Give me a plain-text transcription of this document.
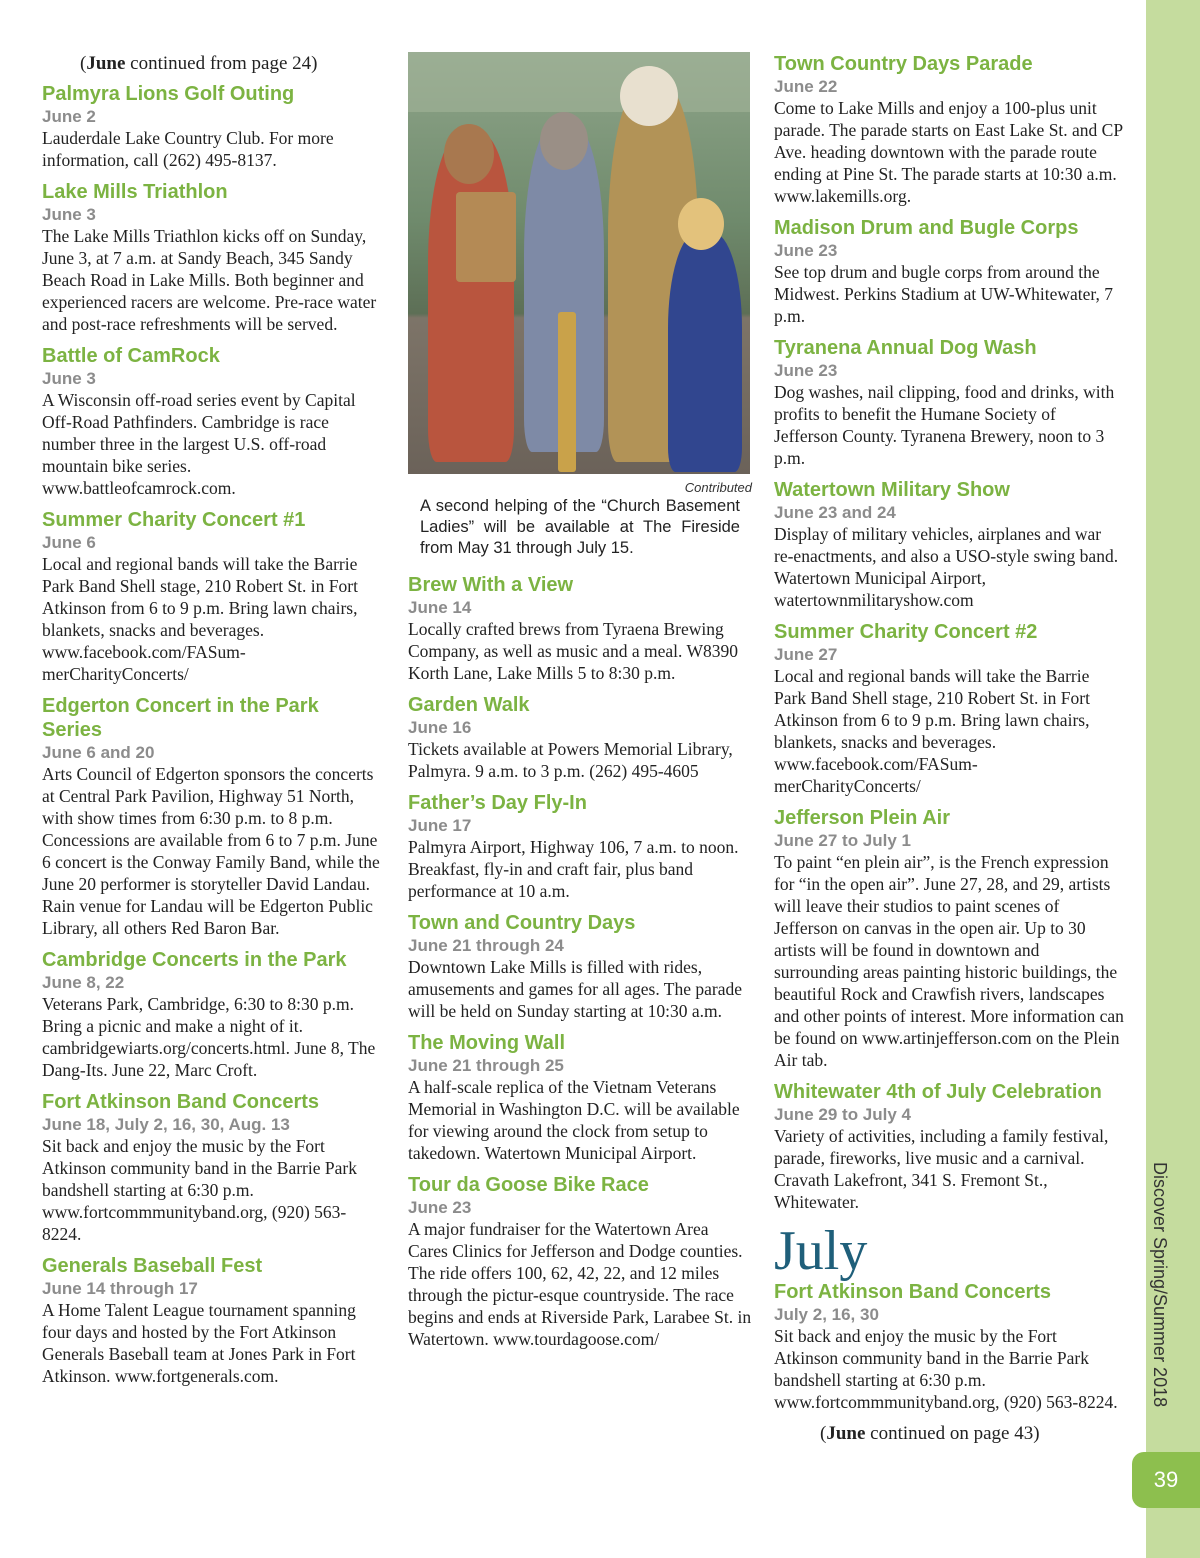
Discover Spring/Summer 2018
39
(June continued from page 24)
Palmyra Lions Golf Outing
June 2
Lauderdale Lake Country Club. For more information, call (262) 495-8137.
Lake Mills Triathlon
June 3
The Lake Mills Triathlon kicks off on Sunday, June 3, at 7 a.m. at Sandy Beach, 345 Sandy Beach Road in Lake Mills. Both beginner and experienced racers are welcome. Pre-race water and post-race refreshments will be served.
Battle of CamRock
June 3
A Wisconsin off-road series event by Capital Off-Road Pathfinders. Cambridge is race number three in the largest U.S. off-road mountain bike series. www.battleofcamrock.com.
Summer Charity Concert #1
June 6
Local and regional bands will take the Barrie Park Band Shell stage, 210 Robert St. in Fort Atkinson from 6 to 9 p.m. Bring lawn chairs, blankets, snacks and beverages. www.facebook.com/FASum-merCharityConcerts/
Edgerton Concert in the Park Series
June 6 and 20
Arts Council of Edgerton sponsors the concerts at Central Park Pavilion, Highway 51 North, with show times from 6:30 p.m. to 8 p.m. Concessions are available from 6 to 7 p.m. June 6 concert is the Conway Family Band, while the June 20 performer is storyteller David Landau. Rain venue for Landau will be Edgerton Public Library, all others Red Baron Bar.
Cambridge Concerts in the Park
June 8, 22
Veterans Park, Cambridge, 6:30 to 8:30 p.m. Bring a picnic and make a night of it. cambridgewiarts.org/concerts.html. June 8, The Dang-Its. June 22, Marc Croft.
Fort Atkinson Band Concerts
June 18, July 2, 16, 30, Aug. 13
Sit back and enjoy the music by the Fort Atkinson community band in the Barrie Park bandshell starting at 6:30 p.m. www.fortcommmunityband.org, (920) 563-8224.
Generals Baseball Fest
June 14 through 17
A Home Talent League tournament spanning four days and hosted by the Fort Atkinson Generals Baseball team at Jones Park in Fort Atkinson. www.fortgenerals.com.
Contributed
A second helping of the “Church Basement Ladies” will be available at The Fireside from May 31 through July 15.
Brew With a View
June 14
Locally crafted brews from Tyraena Brewing Company, as well as music and a meal. W8390 Korth Lane, Lake Mills 5 to 8:30 p.m.
Garden Walk
June 16
Tickets available at Powers Memorial Library, Palmyra. 9 a.m. to 3 p.m. (262) 495-4605
Father’s Day Fly-In
June 17
Palmyra Airport, Highway 106, 7 a.m. to noon. Breakfast, fly-in and craft fair, plus band performance at 10 a.m.
Town and Country Days
June 21 through 24
Downtown Lake Mills is filled with rides, amusements and games for all ages. The parade will be held on Sunday starting at 10:30 a.m.
The Moving Wall
June 21 through 25
A half-scale replica of the Vietnam Veterans Memorial in Washington D.C. will be available for viewing around the clock from setup to takedown. Watertown Municipal Airport.
Tour da Goose Bike Race
June 23
A major fundraiser for the Watertown Area Cares Clinics for Jefferson and Dodge counties. The ride offers 100, 62, 42, 22, and 12 miles through the pictur-esque countryside. The race begins and ends at Riverside Park, Larabee St. in Watertown. www.tourdagoose.com/
Town Country Days Parade
June 22
Come to Lake Mills and enjoy a 100-plus unit parade. The parade starts on East Lake St. and CP Ave. heading downtown with the parade route ending at Pine St. The parade starts at 10:30 a.m. www.lakemills.org.
Madison Drum and Bugle Corps
June 23
See top drum and bugle corps from around the Midwest. Perkins Stadium at UW-Whitewater, 7 p.m.
Tyranena Annual Dog Wash
June 23
Dog washes, nail clipping, food and drinks, with profits to benefit the Humane Society of Jefferson County. Tyranena Brewery, noon to 3 p.m.
Watertown Military Show
June 23 and 24
Display of military vehicles, airplanes and war re-enactments, and also a USO-style swing band. Watertown Municipal Airport, watertownmilitaryshow.com
Summer Charity Concert #2
June 27
Local and regional bands will take the Barrie Park Band Shell stage, 210 Robert St. in Fort Atkinson from 6 to 9 p.m. Bring lawn chairs, blankets, snacks and beverages. www.facebook.com/FASum-merCharityConcerts/
Jefferson Plein Air
June 27 to July 1
To paint “en plein air”, is the French expression for “in the open air”. June 27, 28, and 29, artists will leave their studios to paint scenes of Jefferson on canvas in the open air. Up to 30 artists will be found in downtown and surrounding areas painting historic buildings, the beautiful Rock and Crawfish rivers, landscapes and other points of interest. More information can be found on www.artinjefferson.com on the Plein Air tab.
Whitewater 4th of July Celebration
June 29 to July 4
Variety of activities, including a family festival, parade, fireworks, live music and a carnival. Cravath Lakefront, 341 S. Fremont St., Whitewater.
July
Fort Atkinson Band Concerts
July 2, 16, 30
Sit back and enjoy the music by the Fort Atkinson community band in the Barrie Park bandshell starting at 6:30 p.m. www.fortcommmunityband.org, (920) 563-8224.
(June continued on page 43)
